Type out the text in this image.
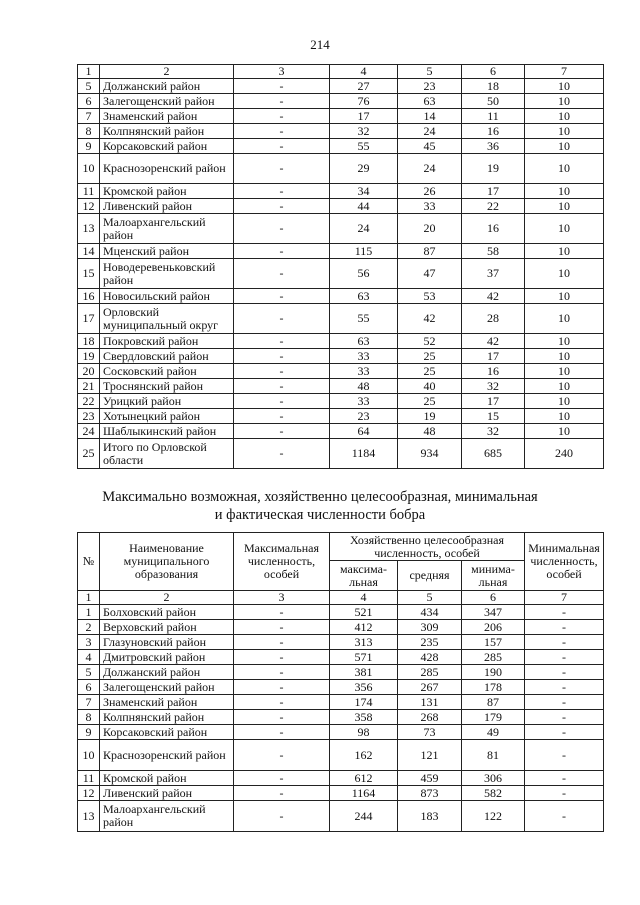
214
1	2	3	4	5	6	7
5	Должанский район	-	27	23	18	10
6	Залегощенский район	-	76	63	50	10
7	Знаменский район	-	17	14	11	10
8	Колпнянский район	-	32	24	16	10
9	Корсаковский район	-	55	45	36	10
10	Краснозоренский район	-	29	24	19	10
11	Кромской район	-	34	26	17	10
12	Ливенский район	-	44	33	22	10
13	Малоархангельский район	-	24	20	16	10
14	Мценский район	-	115	87	58	10
15	Новодеревеньковский район	-	56	47	37	10
16	Новосильский район	-	63	53	42	10
17	Орловский муниципальный округ	-	55	42	28	10
18	Покровский район	-	63	52	42	10
19	Свердловский район	-	33	25	17	10
20	Сосковский район	-	33	25	16	10
21	Троснянский район	-	48	40	32	10
22	Урицкий район	-	33	25	17	10
23	Хотынецкий район	-	23	19	15	10
24	Шаблыкинский район	-	64	48	32	10
25	Итого по Орловской области	-	1184	934	685	240
Максимально возможная, хозяйственно целесообразная, минимальная
и фактическая численности бобра
№	Наименование муниципального образования	Максимальная численность, особей	Хозяйственно целесообразная численность, особей			Минимальная численность, особей
			максима- льная	средняя	минима- льная	
1	2	3	4	5	6	7
1	Болховский район	-	521	434	347	-
2	Верховский район	-	412	309	206	-
3	Глазуновский район	-	313	235	157	-
4	Дмитровский район	-	571	428	285	-
5	Должанский район	-	381	285	190	-
6	Залегощенский район	-	356	267	178	-
7	Знаменский район	-	174	131	87	-
8	Колпнянский район	-	358	268	179	-
9	Корсаковский район	-	98	73	49	-
10	Краснозоренский район	-	162	121	81	-
11	Кромской район	-	612	459	306	-
12	Ливенский район	-	1164	873	582	-
13	Малоархангельский район	-	244	183	122	-
